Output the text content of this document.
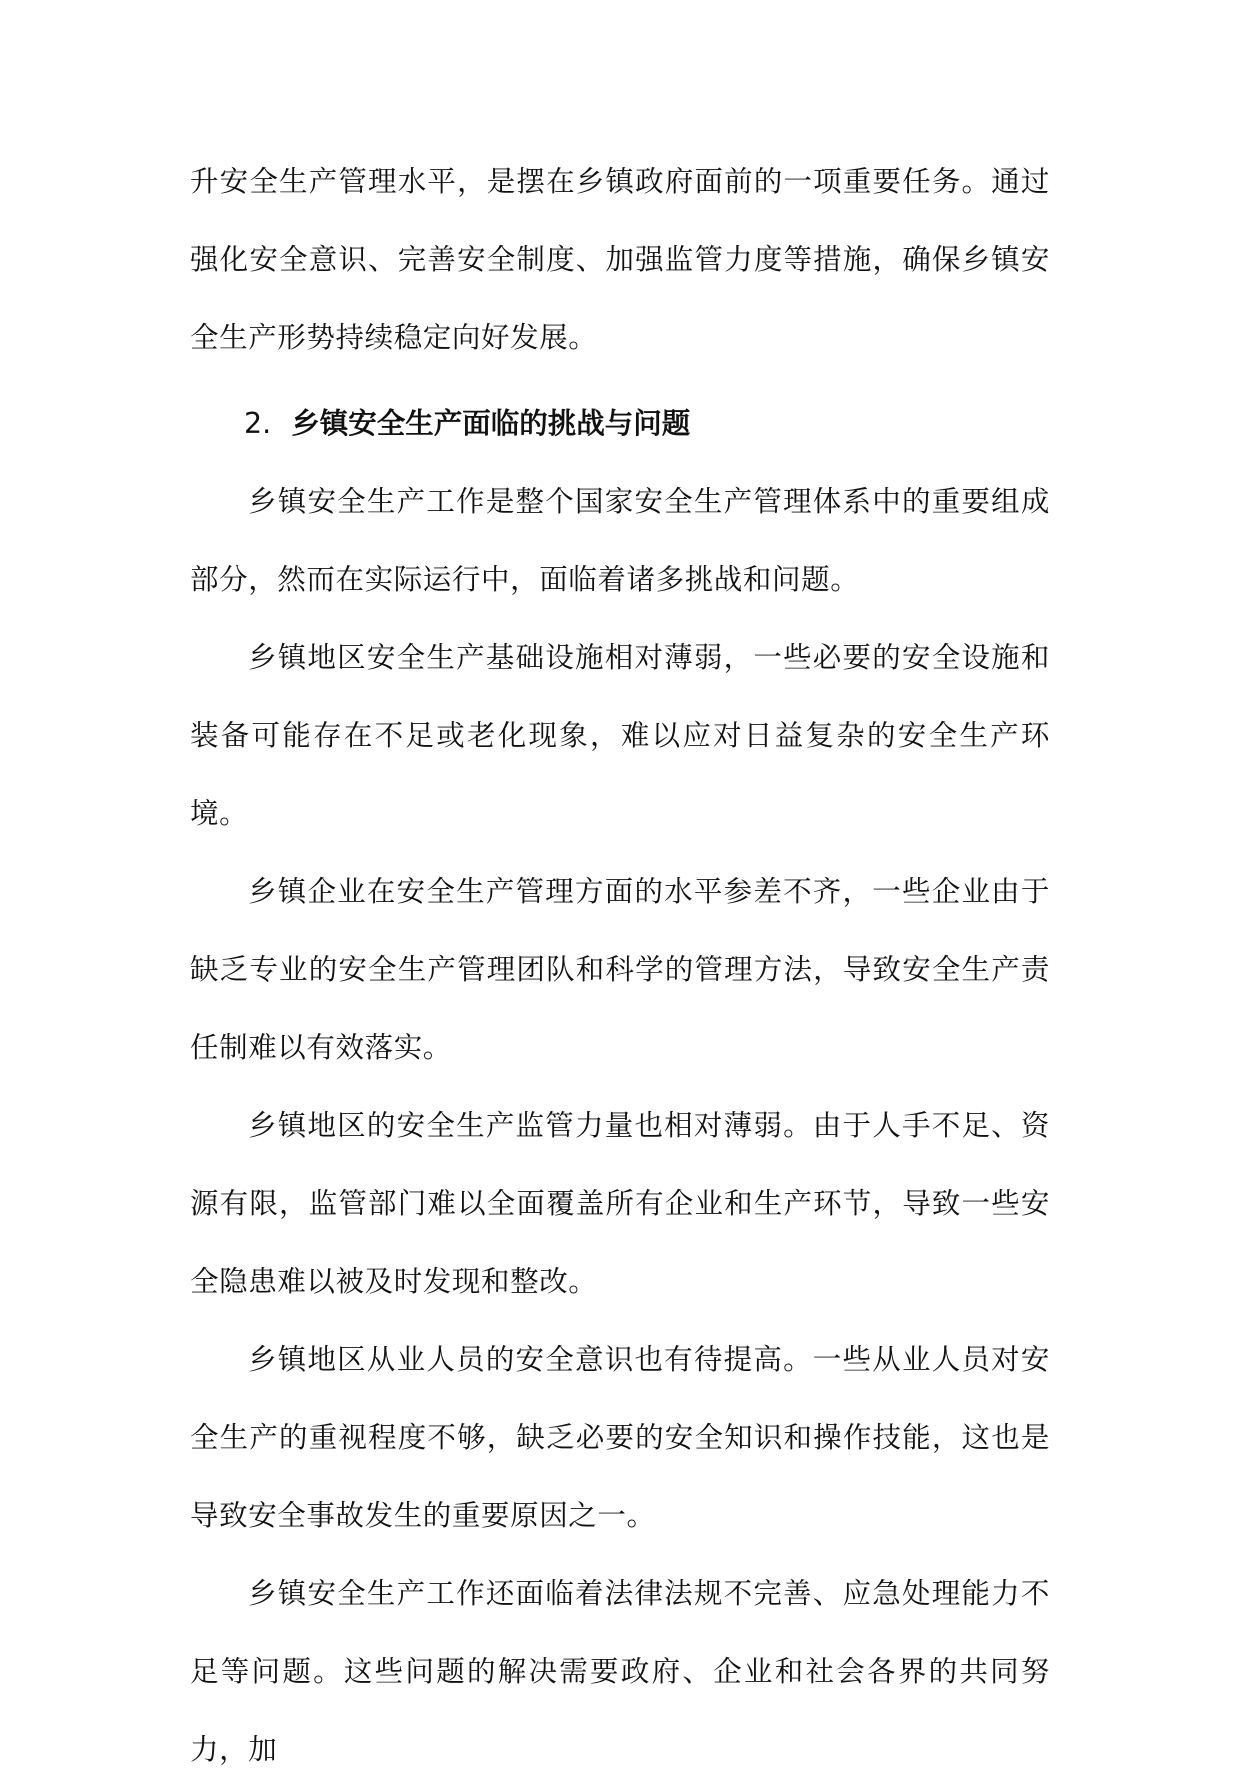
升安全生产管理水平，是摆在乡镇政府面前的一项重要任务。通过强化安全意识、完善安全制度、加强监管力度等措施，确保乡镇安全生产形势持续稳定向好发展。

2. 乡镇安全生产面临的挑战与问题

乡镇安全生产工作是整个国家安全生产管理体系中的重要组成部分，然而在实际运行中，面临着诸多挑战和问题。

乡镇地区安全生产基础设施相对薄弱，一些必要的安全设施和装备可能存在不足或老化现象，难以应对日益复杂的安全生产环境。

乡镇企业在安全生产管理方面的水平参差不齐，一些企业由于缺乏专业的安全生产管理团队和科学的管理方法，导致安全生产责任制难以有效落实。

乡镇地区的安全生产监管力量也相对薄弱。由于人手不足、资源有限，监管部门难以全面覆盖所有企业和生产环节，导致一些安全隐患难以被及时发现和整改。

乡镇地区从业人员的安全意识也有待提高。一些从业人员对安全生产的重视程度不够，缺乏必要的安全知识和操作技能，这也是导致安全事故发生的重要原因之一。

乡镇安全生产工作还面临着法律法规不完善、应急处理能力不足等问题。这些问题的解决需要政府、企业和社会各界的共同努力，加
